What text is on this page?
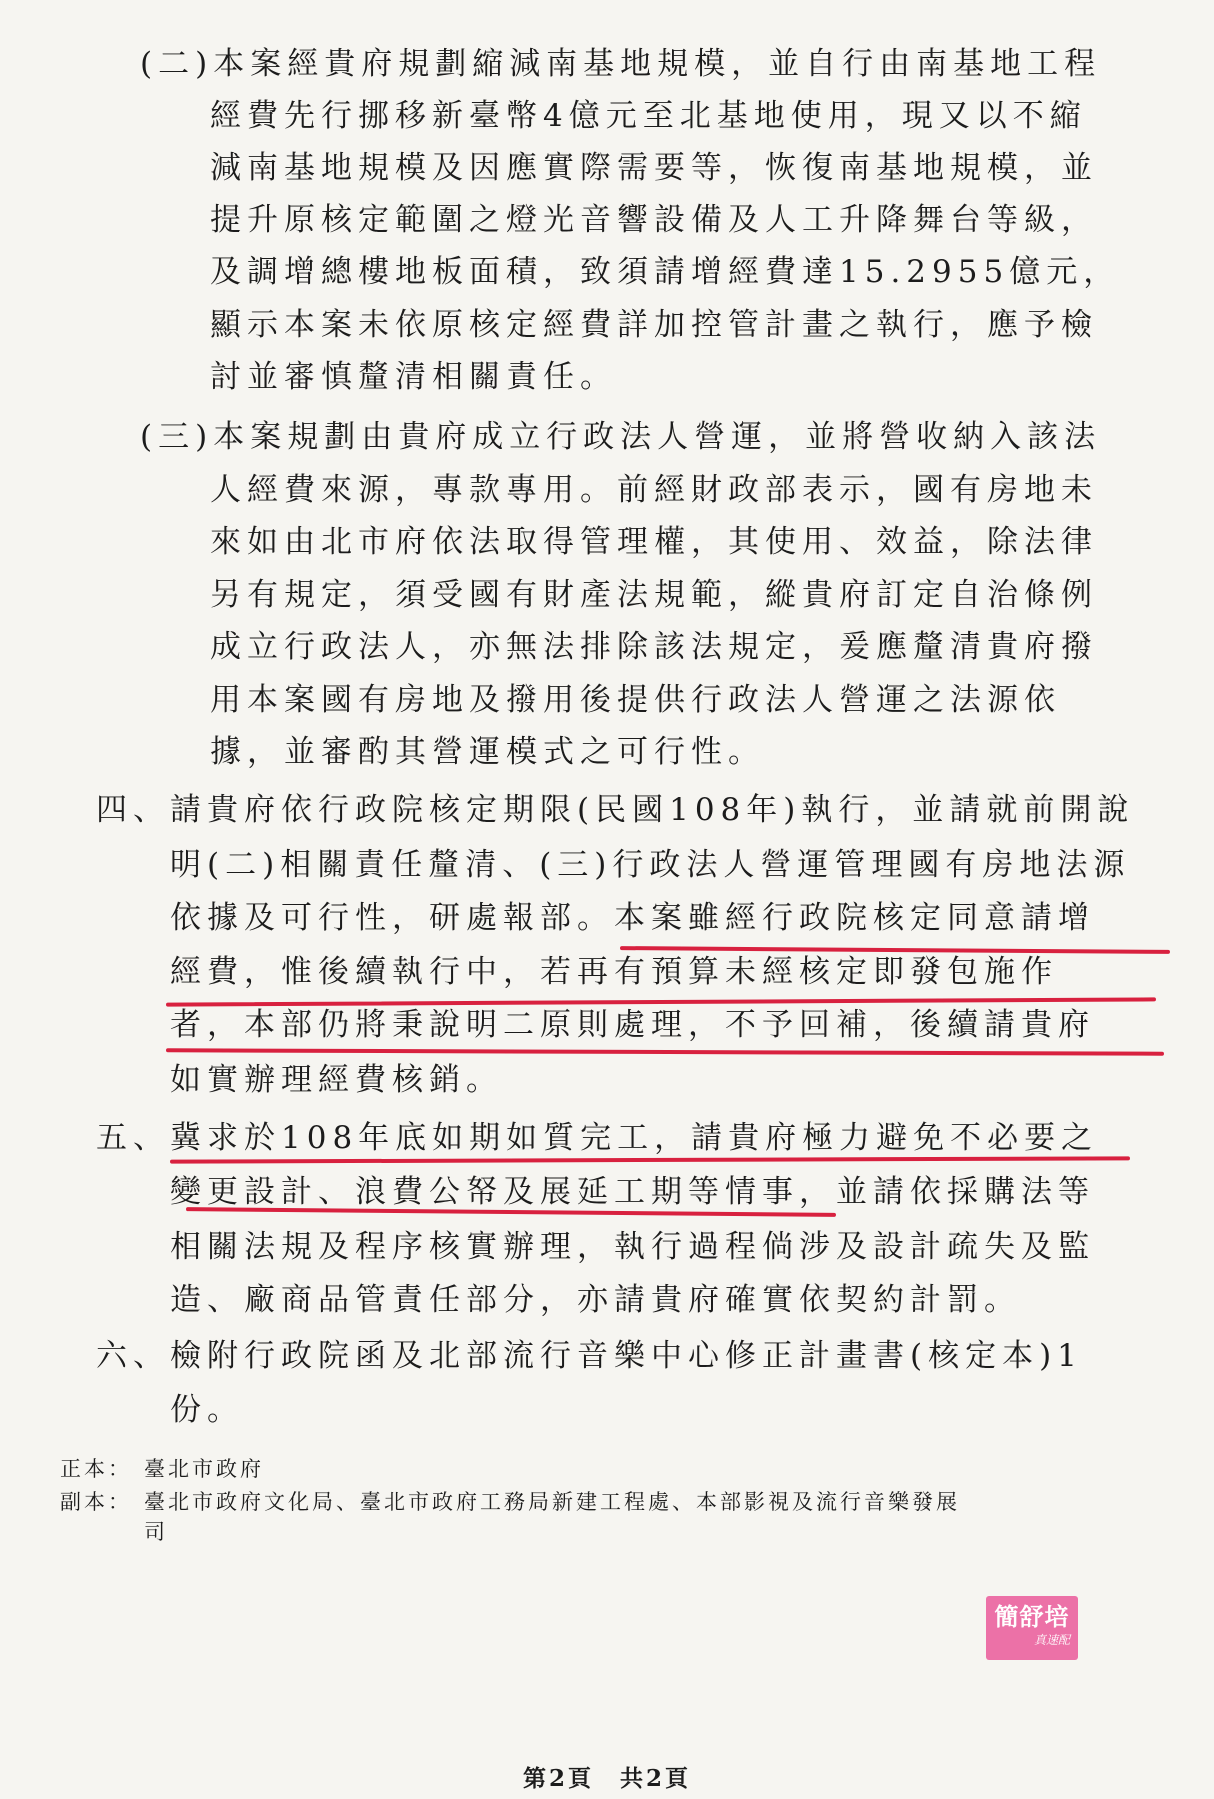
(二)本案經貴府規劃縮減南基地規模，並自行由南基地工程
經費先行挪移新臺幣4億元至北基地使用，現又以不縮
減南基地規模及因應實際需要等，恢復南基地規模，並
提升原核定範圍之燈光音響設備及人工升降舞台等級，
及調增總樓地板面積，致須請增經費達15.2955億元，
顯示本案未依原核定經費詳加控管計畫之執行，應予檢
討並審慎釐清相關責任。
(三)本案規劃由貴府成立行政法人營運，並將營收納入該法
人經費來源，專款專用。前經財政部表示，國有房地未
來如由北市府依法取得管理權，其使用、效益，除法律
另有規定，須受國有財產法規範，縱貴府訂定自治條例
成立行政法人，亦無法排除該法規定，爰應釐清貴府撥
用本案國有房地及撥用後提供行政法人營運之法源依
據，並審酌其營運模式之可行性。
四、請貴府依行政院核定期限(民國108年)執行，並請就前開說
明(二)相關責任釐清、(三)行政法人營運管理國有房地法源
依據及可行性，研處報部。本案雖經行政院核定同意請增
經費，惟後續執行中，若再有預算未經核定即發包施作
者，本部仍將秉說明二原則處理，不予回補，後續請貴府
如實辦理經費核銷。
五、冀求於108年底如期如質完工，請貴府極力避免不必要之
變更設計、浪費公帑及展延工期等情事，並請依採購法等
相關法規及程序核實辦理，執行過程倘涉及設計疏失及監
造、廠商品管責任部分，亦請貴府確實依契約計罰。
六、檢附行政院函及北部流行音樂中心修正計畫書(核定本)1
份。
正本： 臺北市政府
副本： 臺北市政府文化局、臺北市政府工務局新建工程處、本部影視及流行音樂發展
司
簡舒培
真速配
第2頁　共2頁
